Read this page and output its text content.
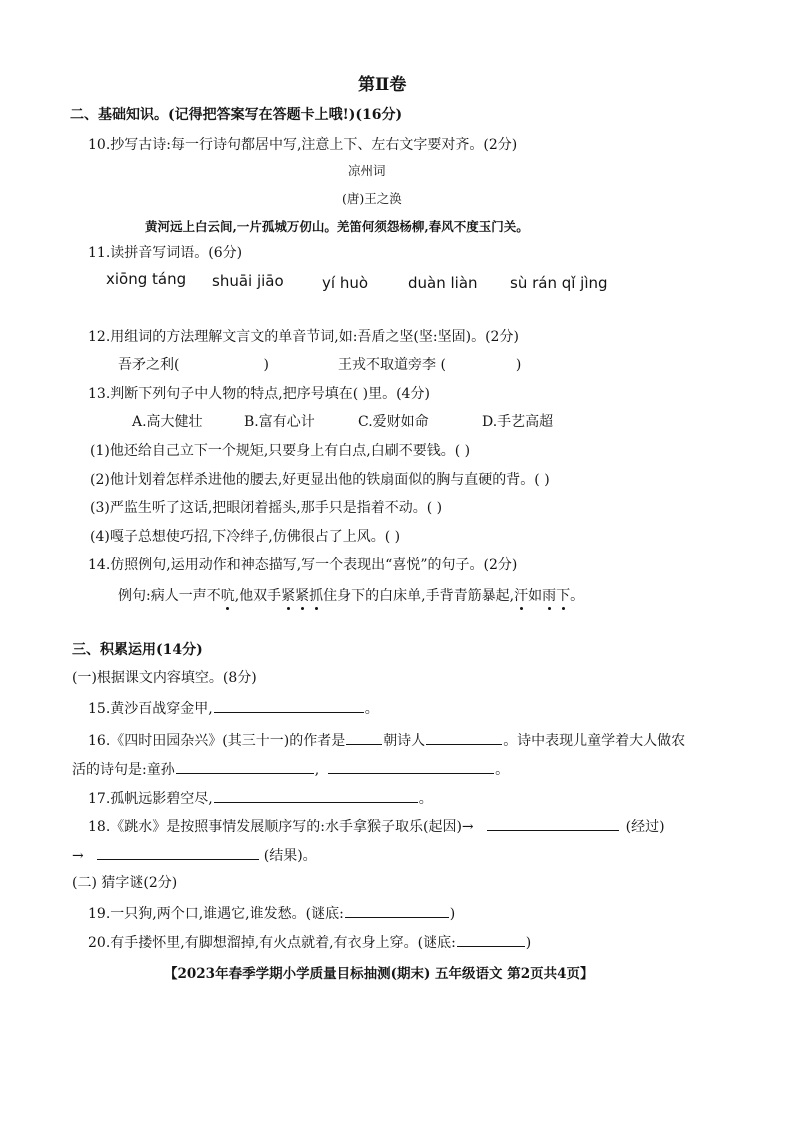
第Ⅱ卷
二、基础知识。(记得把答案写在答题卡上哦!)(16分)
10.抄写古诗:每一行诗句都居中写,注意上下、左右文字要对齐。(2分)
凉州词
(唐)王之涣
黄河远上白云间,一片孤城万仞山。羌笛何须怨杨柳,春风不度玉门关。
11.读拼音写词语。(6分)
xiōng táng shuāi jiāo	yí huò	duàn liàn sù rán qǐ jìng
12.用组词的方法理解文言文的单音节词,如:吾盾之坚(坚:坚固)。(2分)
吾矛之利(	)	王戎不取道旁李 (	)
13.判断下列句子中人物的特点,把序号填在( )里。(4分)
A.高大健壮	B.富有心计	C.爱财如命	D.手艺高超
(1)他还给自己立下一个规矩,只要身上有白点,白刷不要钱。( )
(2)他计划着怎样杀进他的腰去,好更显出他的铁扇面似的胸与直硬的背。( )
(3)严监生听了这话,把眼闭着摇头,那手只是指着不动。( )
(4)嘎子总想使巧招,下冷绊子,仿佛很占了上风。( )
14.仿照例句,运用动作和神态描写,写一个表现出“喜悦”的句子。(2分)
例句:病人一声不吭,他双手紧紧抓住身下的白床单,手背青筋暴起,汗如雨下。
三、积累运用(14分)
(一)根据课文内容填空。(8分)
15.黄沙百战穿金甲,	。
16.《四时田园杂兴》(其三十一)的作者是	朝诗人	。诗中表现儿童学着大人做农
活的诗句是:童孙	,	。
17.孤帆远影碧空尽,	。
18.《跳水》是按照事情发展顺序写的:水手拿猴子取乐(起因)→	(经过)
→	(结果)。
(二) 猜字谜(2分)
19.一只狗,两个口,谁遇它,谁发愁。(谜底:	)
20.有手搂怀里,有脚想溜掉,有火点就着,有衣身上穿。(谜底:	)
【2023年春季学期小学质量目标抽测(期末) 五年级语文 第2页共4页】
